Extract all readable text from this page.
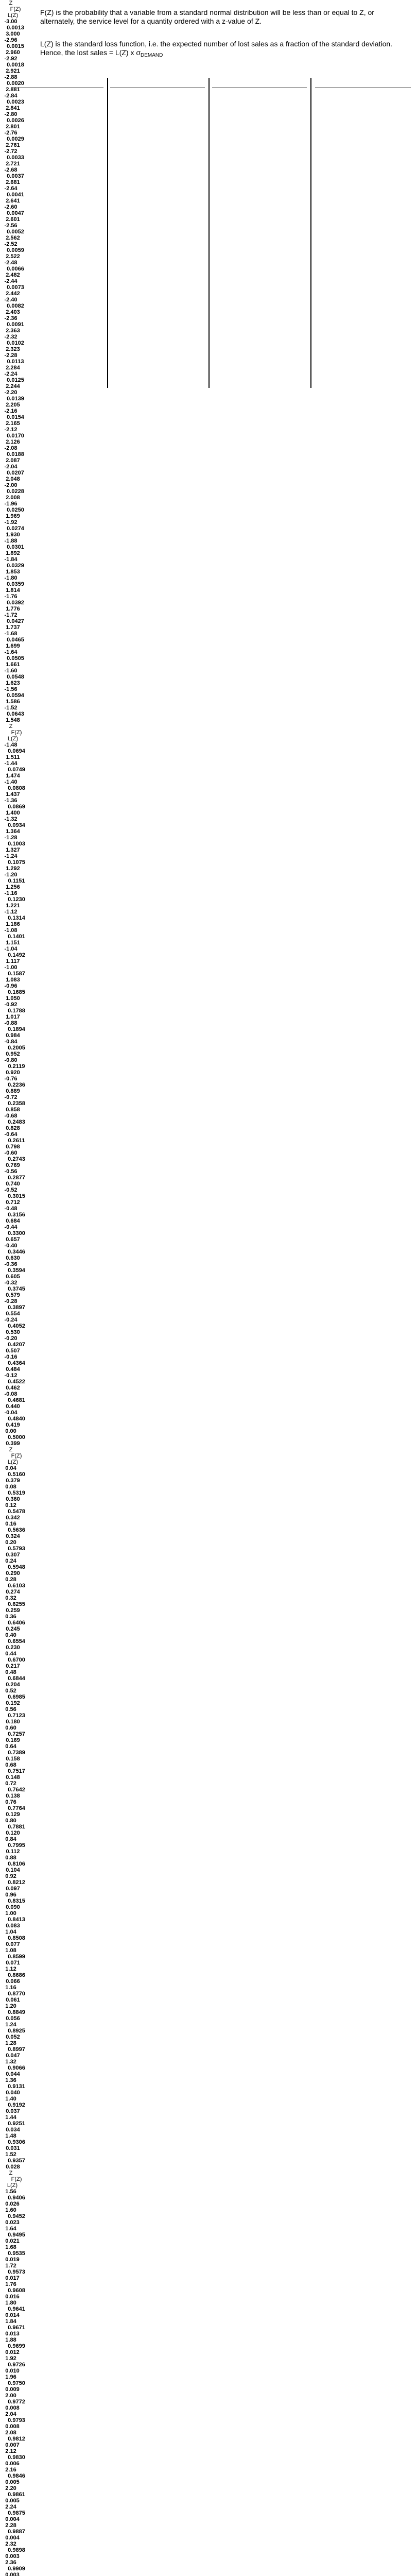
F(Z) is the probability that a variable from a standard normal distribution will be less than or equal to Z, or alternately, the service level for a quantity ordered with a z-value of Z.
L(Z) is the standard loss function, i.e. the expected number of lost sales as a fraction of the standard deviation. Hence, the lost sales = L(Z) x $\sigma_{DEMAND}$
Z
F(Z)
L(Z)
-3.00
0.0013
3.000
-2.96
0.0015
2.960
-2.92
0.0018
2.921
-2.88
0.0020
2.881
-2.84
0.0023
2.841
-2.80
0.0026
2.801
-2.76
0.0029
2.761
-2.72
0.0033
2.721
-2.68
0.0037
2.681
-2.64
0.0041
2.641
-2.60
0.0047
2.601
-2.56
0.0052
2.562
-2.52
0.0059
2.522
-2.48
0.0066
2.482
-2.44
0.0073
2.442
-2.40
0.0082
2.403
-2.36
0.0091
2.363
-2.32
0.0102
2.323
-2.28
0.0113
2.284
-2.24
0.0125
2.244
-2.20
0.0139
2.205
-2.16
0.0154
2.165
-2.12
0.0170
2.126
-2.08
0.0188
2.087
-2.04
0.0207
2.048
-2.00
0.0228
2.008
-1.96
0.0250
1.969
-1.92
0.0274
1.930
-1.88
0.0301
1.892
-1.84
0.0329
1.853
-1.80
0.0359
1.814
-1.76
0.0392
1.776
-1.72
0.0427
1.737
-1.68
0.0465
1.699
-1.64
0.0505
1.661
-1.60
0.0548
1.623
-1.56
0.0594
1.586
-1.52
0.0643
1.548
Z
F(Z)
L(Z)
-1.48
0.0694
1.511
-1.44
0.0749
1.474
-1.40
0.0808
1.437
-1.36
0.0869
1.400
-1.32
0.0934
1.364
-1.28
0.1003
1.327
-1.24
0.1075
1.292
-1.20
0.1151
1.256
-1.16
0.1230
1.221
-1.12
0.1314
1.186
-1.08
0.1401
1.151
-1.04
0.1492
1.117
-1.00
0.1587
1.083
-0.96
0.1685
1.050
-0.92
0.1788
1.017
-0.88
0.1894
0.984
-0.84
0.2005
0.952
-0.80
0.2119
0.920
-0.76
0.2236
0.889
-0.72
0.2358
0.858
-0.68
0.2483
0.828
-0.64
0.2611
0.798
-0.60
0.2743
0.769
-0.56
0.2877
0.740
-0.52
0.3015
0.712
-0.48
0.3156
0.684
-0.44
0.3300
0.657
-0.40
0.3446
0.630
-0.36
0.3594
0.605
-0.32
0.3745
0.579
-0.28
0.3897
0.554
-0.24
0.4052
0.530
-0.20
0.4207
0.507
-0.16
0.4364
0.484
-0.12
0.4522
0.462
-0.08
0.4681
0.440
-0.04
0.4840
0.419
0.00
0.5000
0.399
Z
F(Z)
L(Z)
0.04
0.5160
0.379
0.08
0.5319
0.360
0.12
0.5478
0.342
0.16
0.5636
0.324
0.20
0.5793
0.307
0.24
0.5948
0.290
0.28
0.6103
0.274
0.32
0.6255
0.259
0.36
0.6406
0.245
0.40
0.6554
0.230
0.44
0.6700
0.217
0.48
0.6844
0.204
0.52
0.6985
0.192
0.56
0.7123
0.180
0.60
0.7257
0.169
0.64
0.7389
0.158
0.68
0.7517
0.148
0.72
0.7642
0.138
0.76
0.7764
0.129
0.80
0.7881
0.120
0.84
0.7995
0.112
0.88
0.8106
0.104
0.92
0.8212
0.097
0.96
0.8315
0.090
1.00
0.8413
0.083
1.04
0.8508
0.077
1.08
0.8599
0.071
1.12
0.8686
0.066
1.16
0.8770
0.061
1.20
0.8849
0.056
1.24
0.8925
0.052
1.28
0.8997
0.047
1.32
0.9066
0.044
1.36
0.9131
0.040
1.40
0.9192
0.037
1.44
0.9251
0.034
1.48
0.9306
0.031
1.52
0.9357
0.028
Z
F(Z)
L(Z)
1.56
0.9406
0.026
1.60
0.9452
0.023
1.64
0.9495
0.021
1.68
0.9535
0.019
1.72
0.9573
0.017
1.76
0.9608
0.016
1.80
0.9641
0.014
1.84
0.9671
0.013
1.88
0.9699
0.012
1.92
0.9726
0.010
1.96
0.9750
0.009
2.00
0.9772
0.008
2.04
0.9793
0.008
2.08
0.9812
0.007
2.12
0.9830
0.006
2.16
0.9846
0.005
2.20
0.9861
0.005
2.24
0.9875
0.004
2.28
0.9887
0.004
2.32
0.9898
0.003
2.36
0.9909
0.003
